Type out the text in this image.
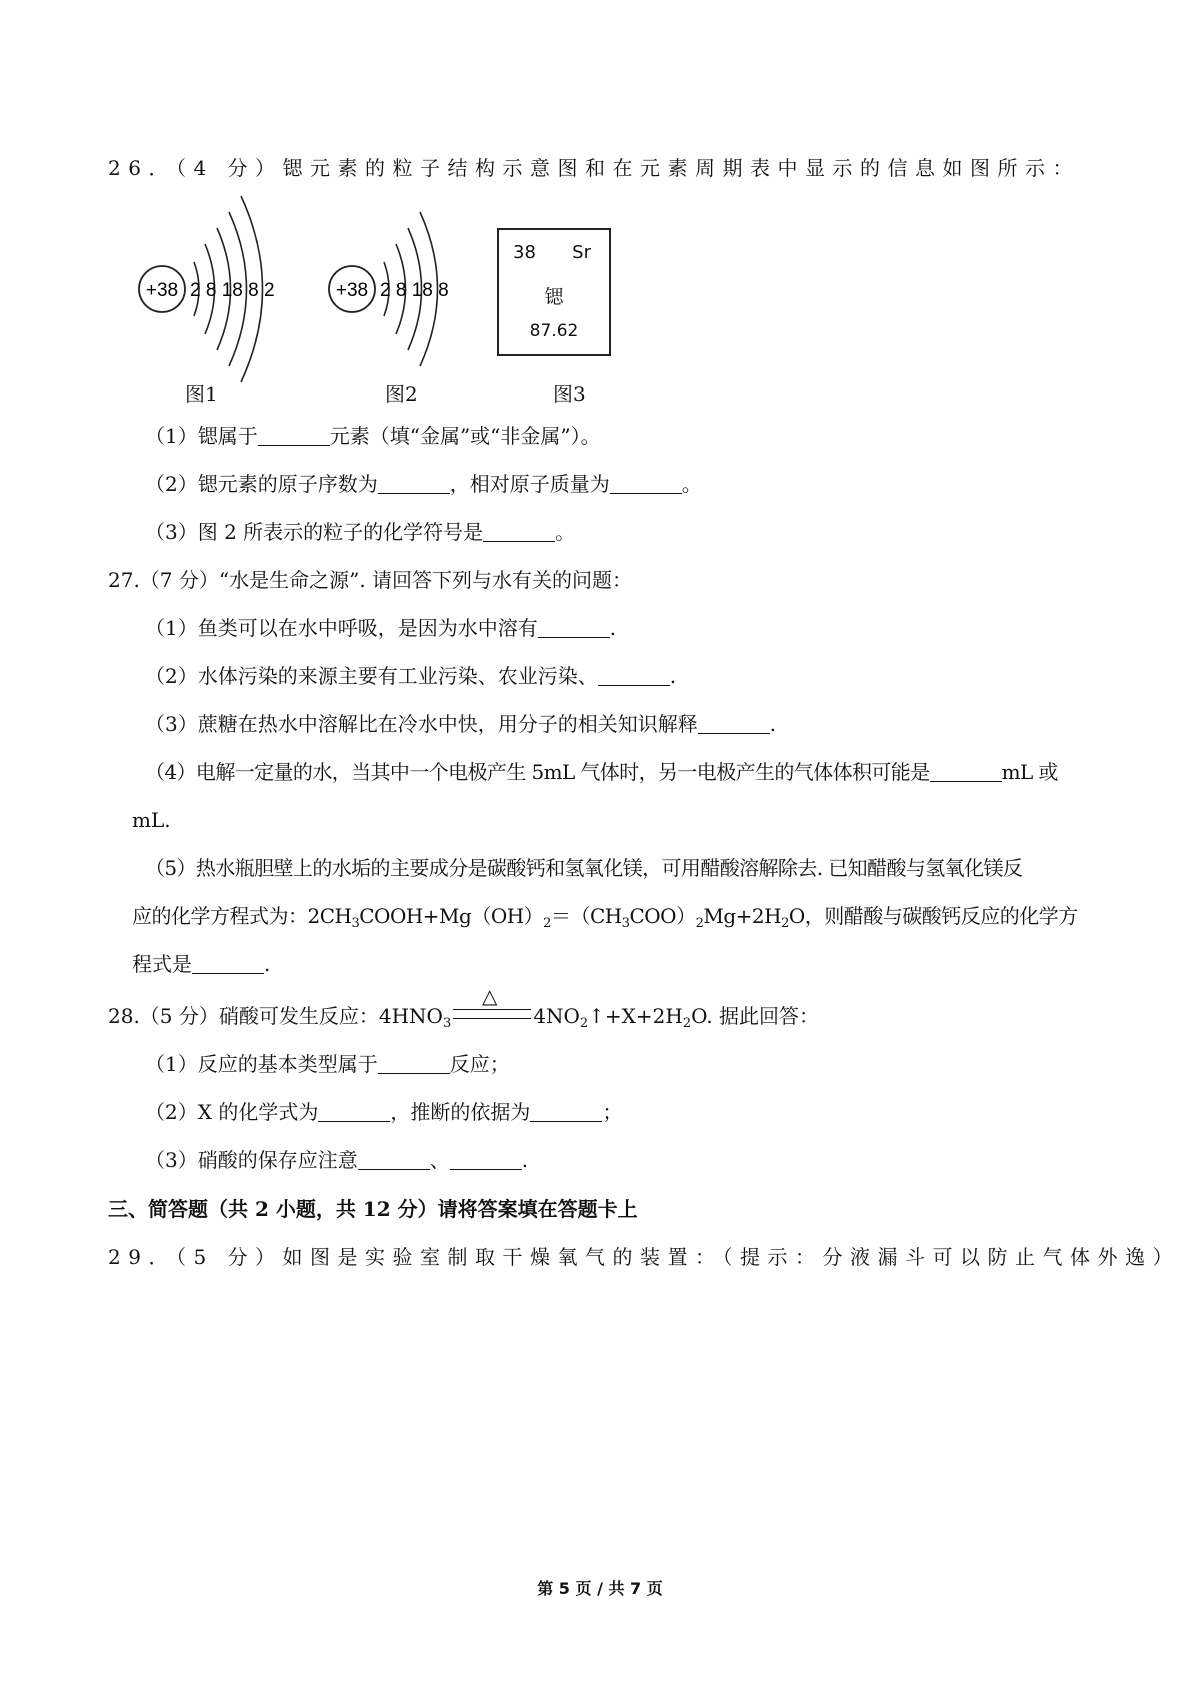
26．（4 分）锶元素的粒子结构示意图和在元素周期表中显示的信息如图所示：
+38 2 8 18 8 2	+38 2 8 18 8
38 Sr
锶
87.62
图1	图2	图3
（1）锶属于	元素（填“金属”或“非金属”）。
（2）锶元素的原子序数为	，相对原子质量为	。
（3）图 2 所表示的粒子的化学符号是	。
27.（7 分）“水是生命之源”. 请回答下列与水有关的问题：
（1）鱼类可以在水中呼吸，是因为水中溶有	.
（2）水体污染的来源主要有工业污染、农业污染、	.
（3）蔗糖在热水中溶解比在冷水中快，用分子的相关知识解释	.
（4）电解一定量的水，当其中一个电极产生 5mL 气体时，另一电极产生的气体体积可能是	mL 或
mL.
（5）热水瓶胆壁上的水垢的主要成分是碳酸钙和氢氧化镁，可用醋酸溶解除去. 已知醋酸与氢氧化镁反
应的化学方程式为：$2CH_3COOH+Mg(OH)_2=(CH_3COO)_2Mg+2H_2O$，则醋酸与碳酸钙反应的化学方
程式是	.
△
28.（5 分）硝酸可发生反应：$4HNO_3$	$4NO_2↑+X+2H_2O$. 据此回答：
（1）反应的基本类型属于	反应；
（2）X 的化学式为	，推断的依据为	；
（3）硝酸的保存应注意	、	.
三、简答题（共 2 小题，共 12 分）请将答案填在答题卡上
29．（5 分）如图是实验室制取干燥氧气的装置：（提示：分液漏斗可以防止气体外逸）
第 5 页 / 共 7 页
